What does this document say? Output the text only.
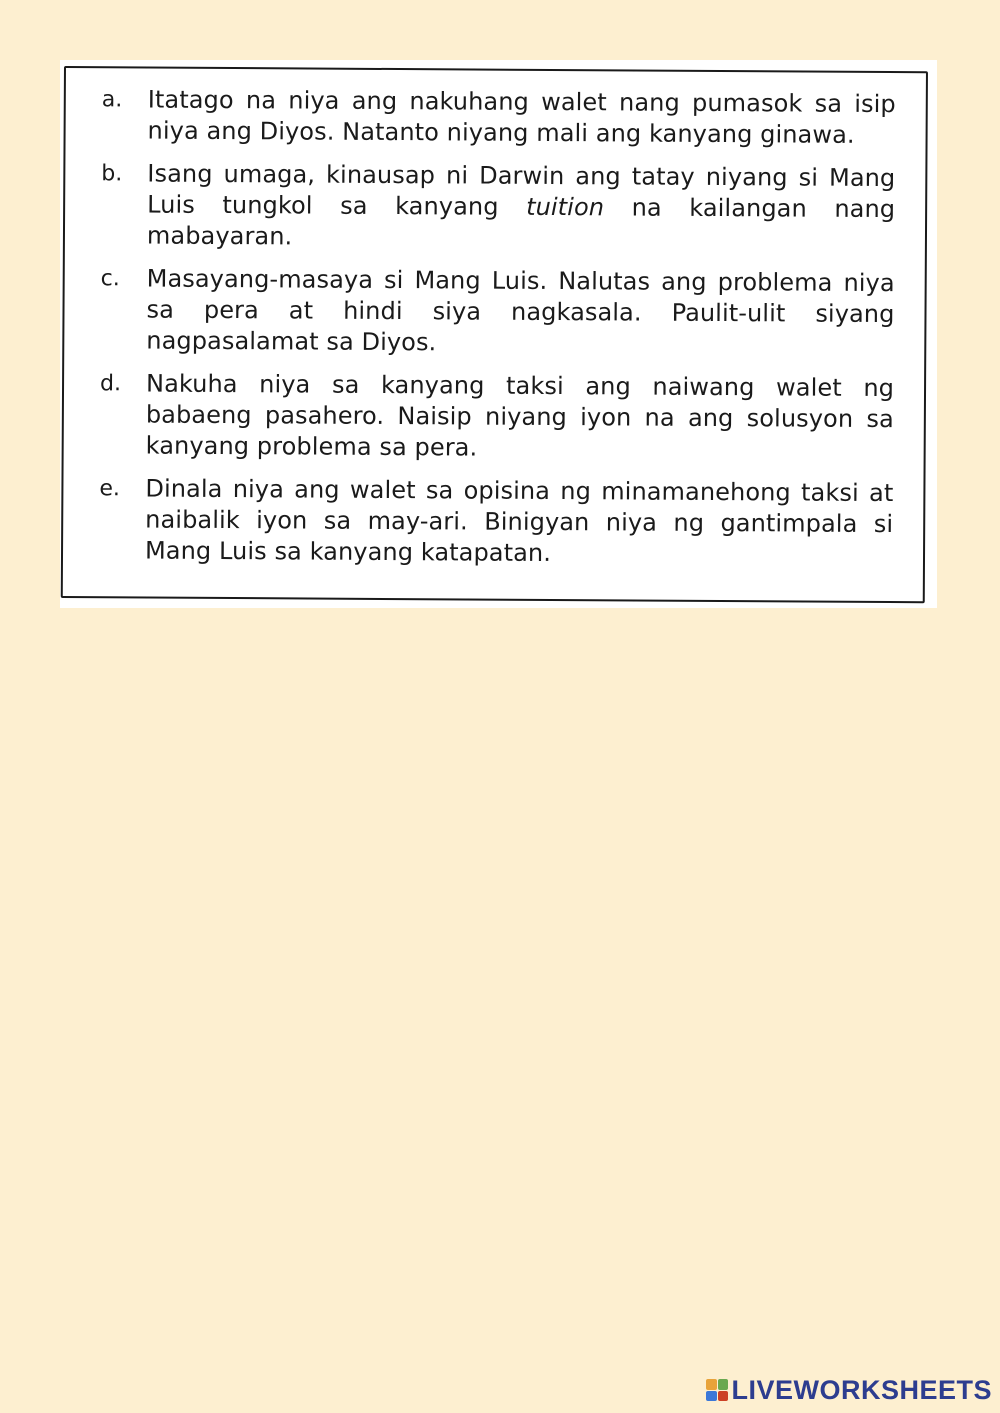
a.	Itatago na niya ang nakuhang walet nang pumasok sa isip niya ang Diyos. Natanto niyang mali ang kanyang ginawa.
b.	Isang umaga, kinausap ni Darwin ang tatay niyang si Mang Luis tungkol sa kanyang tuition na kailangan nang mabayaran.
c.	Masayang-masaya si Mang Luis. Nalutas ang problema niya sa pera at hindi siya nagkasala. Paulit-ulit siyang nagpasalamat sa Diyos.
d.	Nakuha niya sa kanyang taksi ang naiwang walet ng babaeng pasahero. Naisip niyang iyon na ang solusyon sa kanyang problema sa pera.
e.	Dinala niya ang walet sa opisina ng minamanehong taksi at naibalik iyon sa may-ari. Binigyan niya ng gantimpala si Mang Luis sa kanyang katapatan.
LIVEWORKSHEETS
